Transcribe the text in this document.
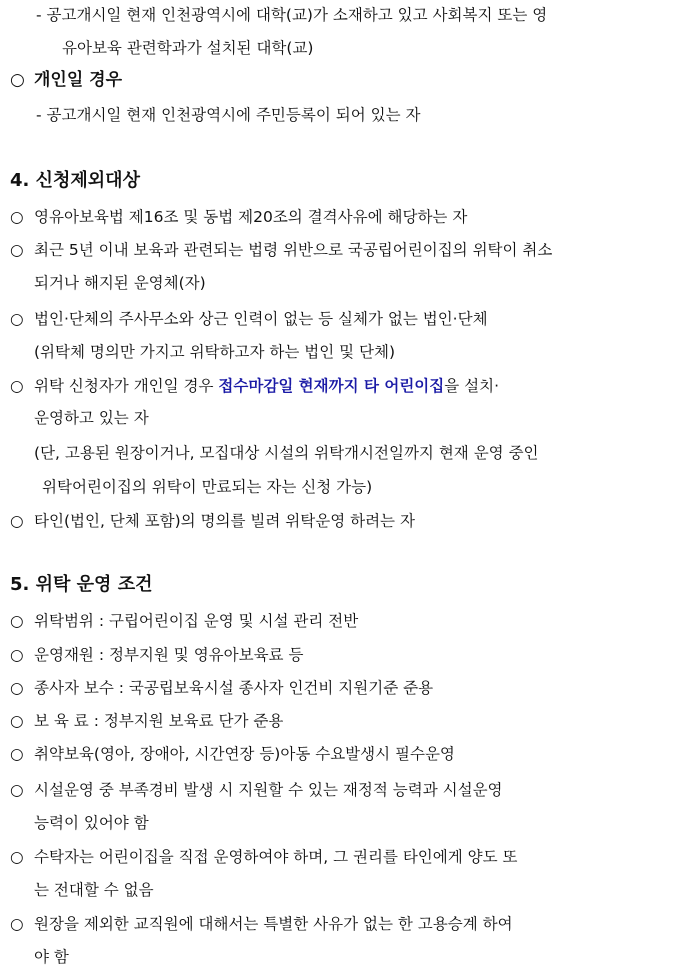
- 공고개시일 현재 인천광역시에 대학(교)가 소재하고 있고 사회복지 또는 영
유아보육 관련학과가 설치된 대학(교)
○ 개인일 경우
- 공고개시일 현재 인천광역시에 주민등록이 되어 있는 자
4. 신청제외대상
○ 영유아보육법 제16조 및 동법 제20조의 결격사유에 해당하는 자
○ 최근 5년 이내 보육과 관련되는 법령 위반으로 국공립어린이집의 위탁이 취소
되거나 해지된 운영체(자)
○ 법인·단체의 주사무소와 상근 인력이 없는 등 실체가 없는 법인·단체
(위탁체 명의만 가지고 위탁하고자 하는 법인 및 단체)
○ 위탁 신청자가 개인일 경우 접수마감일 현재까지 타 어린이집을 설치·
운영하고 있는 자
(단, 고용된 원장이거나, 모집대상 시설의 위탁개시전일까지 현재 운영 중인
위탁어린이집의 위탁이 만료되는 자는 신청 가능)
○ 타인(법인, 단체 포함)의 명의를 빌려 위탁운영 하려는 자
5. 위탁 운영 조건
○ 위탁범위 : 구립어린이집 운영 및 시설 관리 전반
○ 운영재원 : 정부지원 및 영유아보육료 등
○ 종사자 보수 : 국공립보육시설 종사자 인건비 지원기준 준용
○ 보 육 료 : 정부지원 보육료 단가 준용
○ 취약보육(영아, 장애아, 시간연장 등)아동 수요발생시 필수운영
○ 시설운영 중 부족경비 발생 시 지원할 수 있는 재정적 능력과 시설운영
능력이 있어야 함
○ 수탁자는 어린이집을 직접 운영하여야 하며, 그 권리를 타인에게 양도 또
는 전대할 수 없음
○ 원장을 제외한 교직원에 대해서는 특별한 사유가 없는 한 고용승계 하여
야 함
